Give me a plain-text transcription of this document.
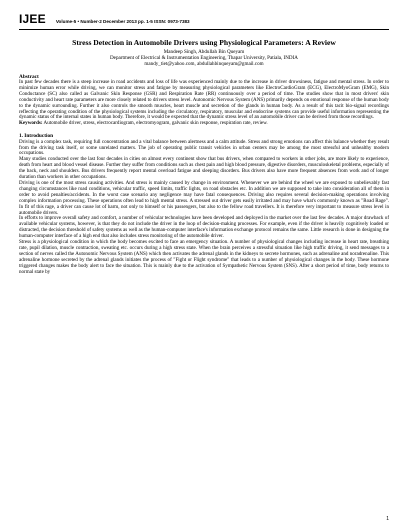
IJEE Volume-5 • Number-2 December 2013 pp. 1-5 ISSN: 0973-7383
Stress Detection in Automobile Drivers using Physiological Parameters: A Review
Mandeep Singh, Abdullah Bin Queyam
Department of Electrical & Instrumentation Engineering, Thapar University, Patiala, INDIA
mandy_tiet@yahoo.com, abdullahbinqueyam@gmail.com
Abstract

In past few decades there is a steep increase in road accidents and loss of life was experienced mainly due to the increase in driver drowsiness, fatigue and mental stress. In order to minimize human error while driving, we can monitor stress and fatigue by measuring physiological parameters like ElectroCardioGram (ECG), ElectroMyoGram (EMG), Skin Conductance (SC) also called as Galvanic Skin Response (GSR) and Respiration Rate (RR) continuously over a period of time. The studies show that in most drivers' skin conductivity and heart rate parameters are more closely related to drivers stress level. Autonomic Nervous System (ANS) primarily depends on emotional response of the human body to the dynamic surrounding. Further it also controls the smooth muscles, heart muscle and secretion of the glands in human body. As a result of this tacit bio-signal recordings reflecting the operating condition of the physiological systems including the circulatory, respiratory, muscular and endocrine systems can provide useful information representing the dynamic status of the internal states in human body. Therefore, it would be expected that the dynamic stress level of an automobile driver can be derived from those recordings.

Keywords: Automobile driver, stress, electrocardiogram, electromyogram, galvanic skin response, respiration rate, review.

1. Introduction

Driving is a complex task, requiring full concentration and a vital balance between alertness and a calm attitude. Stress and strong emotions can affect this balance whether they result from the driving task itself, or some unrelated matters. The job of operating public transit vehicles in urban centers may be among the most stressful and unhealthy modern occupations.

Many studies conducted over the last four decades in cities on almost every continent show that bus drivers, when compared to workers in other jobs, are more likely to experience, death from heart and blood vessel disease. Further they suffer from conditions such as chest pain and high blood pressure, digestive disorders, musculoskeletal problems, especially of the back, neck and shoulders. Bus drivers frequently report mental overload fatigue and sleeping disorders. Bus drivers also have more frequent absences from work and of longer duration than workers in other occupations.

Driving is one of the most stress causing activities. And stress is mainly caused by change in environment. Whenever we are behind the wheel we are exposed to unbelievably fast changing circumstances like road conditions, vehicular traffic, speed limits, traffic lights, on road obstacles etc. In addition we are supposed to take into consideration all of them in order to avoid penalties/accidents. In the worst case scenario any negligence may have fatal consequences. Driving also requires several decision-making operations involving complex information processing. These operations often lead to high mental stress. A stressed out driver gets easily irritated and may have what's commonly known as "Road Rage". In fit of this rage, a driver can cause lot of harm, not only to himself or his passengers, but also to the fellow road travellers. It is therefore very important to measure stress level in automobile drivers.

In efforts to improve overall safety and comfort, a number of vehicular technologies have been developed and deployed in the market over the last few decades. A major drawback of available vehicular systems, however, is that they do not include the driver in the loop of decision-making processes. For example, even if the driver is heavily cognitively loaded or distracted, the decision threshold of safety systems as well as the human-computer interface's information exchange protocol remains the same. Little research is done in designing the human-computer interface of a high end that also includes stress monitoring of the automobile driver.

Stress is a physiological condition in which the body becomes excited to face an emergency situation. A number of physiological changes including increase in heart rate, breathing rate, pupil dilation, muscle contraction, sweating etc. occurs during a high stress state. When the brain perceives a stressful situation like high traffic driving, it send messages to a section of nerves called the Autonomic Nervous System (ANS) which then activates the adrenal glands in the kidneys to secrete hormones, such as adrenaline and noradrenaline. This adrenaline hormone secreted by the adrenal glands initiates the process of "Fight or Flight syndrome" that leads to a number of physiological changes in the body. These hormone triggered changes makes the body alert to face the situation. This is mainly due to the activation of Sympathetic Nervous System (SNS). After a short period of time, body returns to normal state by

1
